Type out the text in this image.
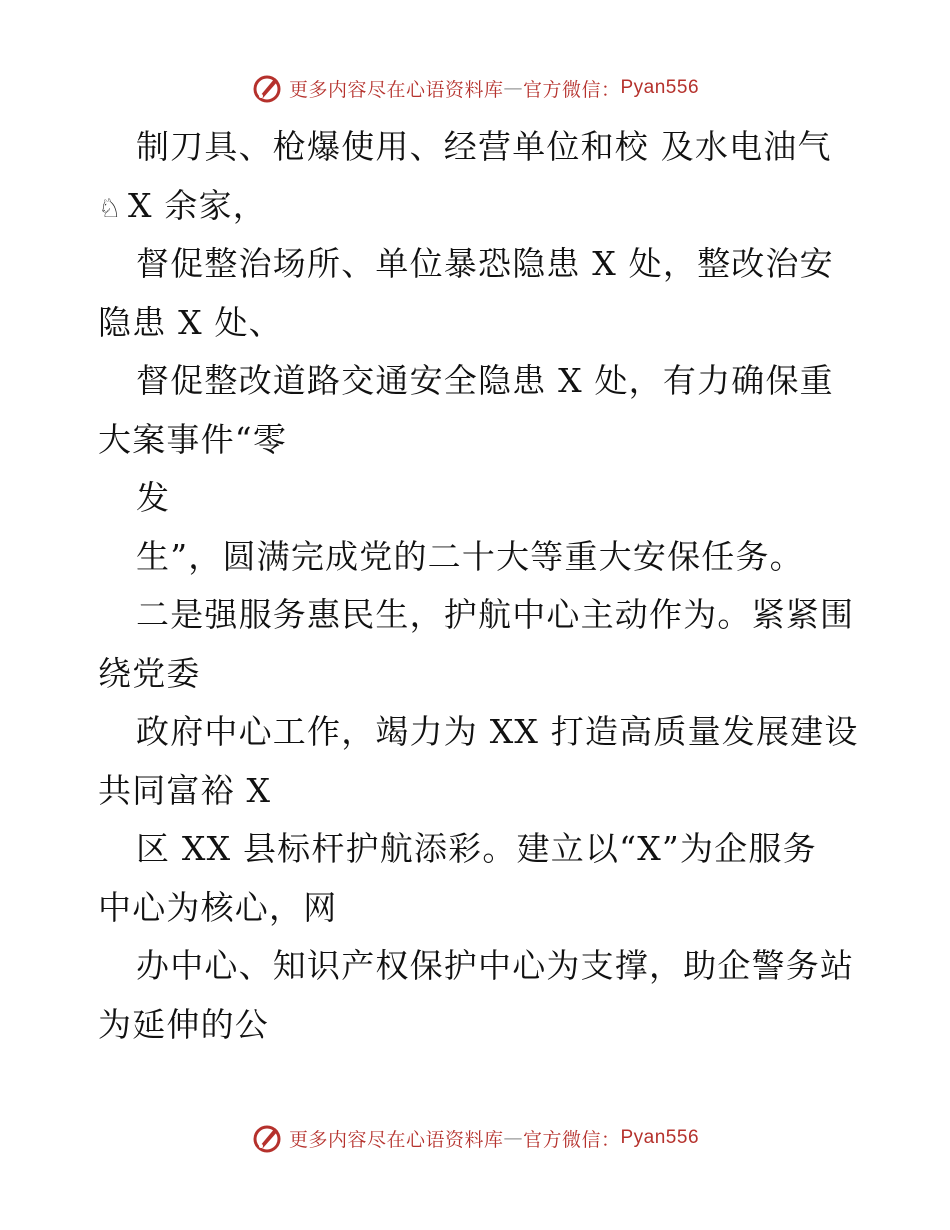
更多内容尽在心语资料库 — 官方微信： Pyan556
制刀具、枪爆使用、经营单位和校 及水电油气
♘ X 余家，
督促整治场所、单位暴恐隐患 X 处，整改治安
隐患 X 处、
督促整改道路交通安全隐患 X 处，有力确保重
大案事件“零
发
生”，圆满完成党的二十大等重大安保任务。
二是强服务惠民生，护航中心主动作为。紧紧围
绕党委
政府中心工作，竭力为 XX 打造高质量发展建设
共同富裕 X
区 XX 县标杆护航添彩。建立以“X”为企服务
中心为核心，网
办中心、知识产权保护中心为支撑，助企警务站
为延伸的公
更多内容尽在心语资料库 — 官方微信： Pyan556
